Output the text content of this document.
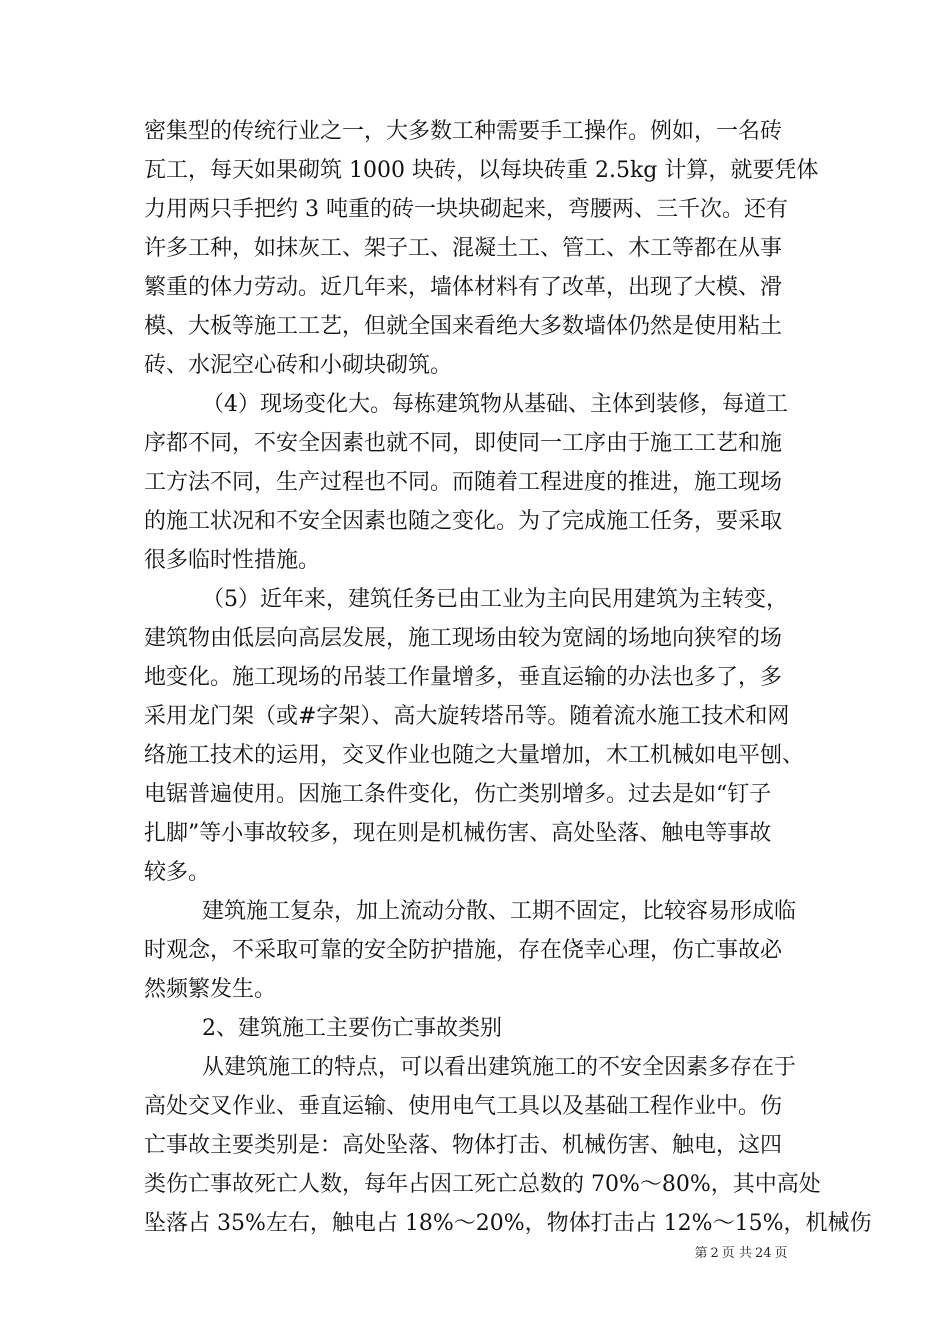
密集型的传统行业之一，大多数工种需要手工操作。例如，一名砖
瓦工，每天如果砌筑 1000 块砖，以每块砖重 2.5kg 计算，就要凭体
力用两只手把约 3 吨重的砖一块块砌起来，弯腰两、三千次。还有
许多工种，如抹灰工、架子工、混凝土工、管工、木工等都在从事
繁重的体力劳动。近几年来，墙体材料有了改革，出现了大模、滑
模、大板等施工工艺，但就全国来看绝大多数墙体仍然是使用粘土
砖、水泥空心砖和小砌块砌筑。
（4）现场变化大。每栋建筑物从基础、主体到装修，每道工
序都不同，不安全因素也就不同，即使同一工序由于施工工艺和施
工方法不同，生产过程也不同。而随着工程进度的推进，施工现场
的施工状况和不安全因素也随之变化。为了完成施工任务，要采取
很多临时性措施。
（5）近年来，建筑任务已由工业为主向民用建筑为主转变，
建筑物由低层向高层发展，施工现场由较为宽阔的场地向狭窄的场
地变化。施工现场的吊装工作量增多，垂直运输的办法也多了，多
采用龙门架（或#字架）、高大旋转塔吊等。随着流水施工技术和网
络施工技术的运用，交叉作业也随之大量增加，木工机械如电平刨、
电锯普遍使用。因施工条件变化，伤亡类别增多。过去是如“钉子
扎脚”等小事故较多，现在则是机械伤害、高处坠落、触电等事故
较多。
建筑施工复杂，加上流动分散、工期不固定，比较容易形成临
时观念，不采取可靠的安全防护措施，存在侥幸心理，伤亡事故必
然频繁发生。
2、建筑施工主要伤亡事故类别
从建筑施工的特点，可以看出建筑施工的不安全因素多存在于
高处交叉作业、垂直运输、使用电气工具以及基础工程作业中。伤
亡事故主要类别是：高处坠落、物体打击、机械伤害、触电，这四
类伤亡事故死亡人数，每年占因工死亡总数的 70%～80%，其中高处
坠落占 35%左右，触电占 18%～20%，物体打击占 12%～15%，机械伤
第 2 页 共 24 页
